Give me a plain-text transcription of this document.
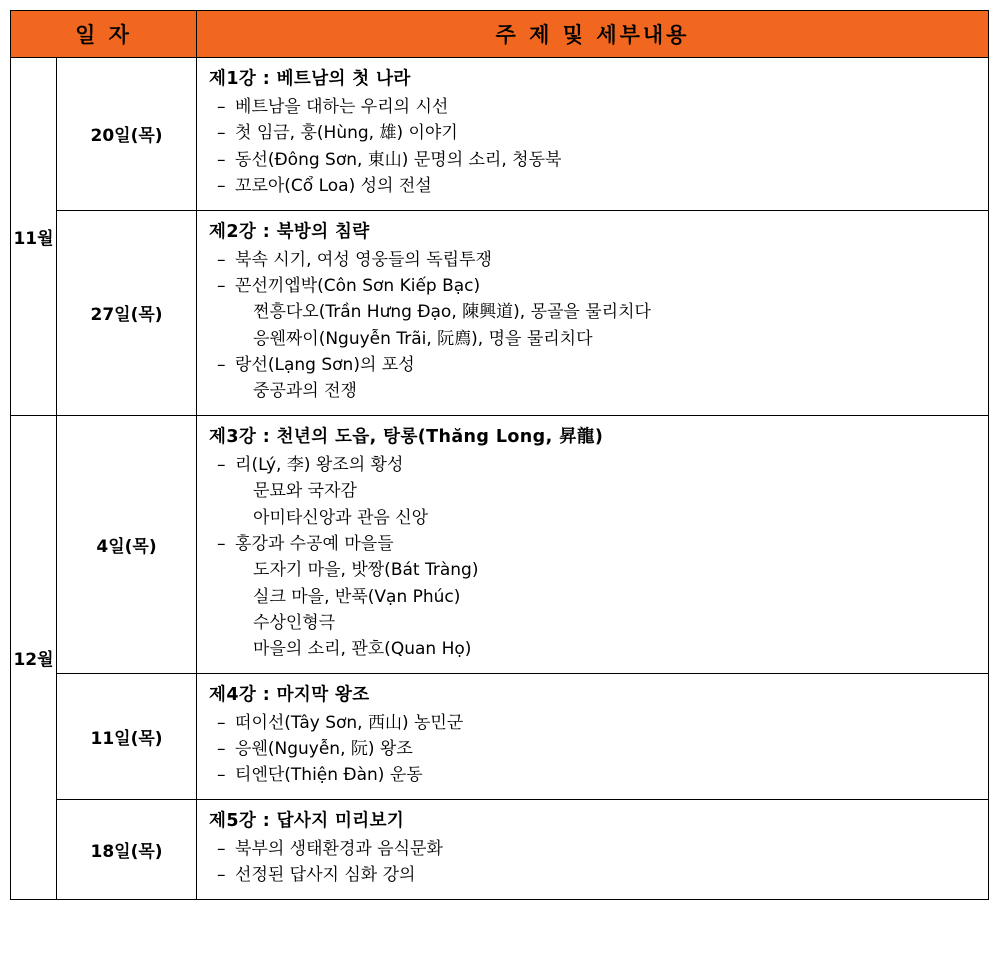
일 자		주 제 및 세부내용
11월	20일(목)	
제1강 : 베트남의 첫 나라
– 베트남을 대하는 우리의 시선
– 첫 임금, 훙(Hùng, 雄) 이야기
– 동선(Đông Sơn, 東山) 문명의 소리, 청동북
– 꼬로아(Cổ Loa) 성의 전설

27일(목)	
제2강 : 북방의 침략
– 북속 시기, 여성 영웅들의 독립투쟁
– 꼰선끼엡박(Côn Sơn Kiếp Bạc)
쩐흥다오(Trần Hưng Đạo, 陳興道), 몽골을 물리치다
응웬짜이(Nguyễn Trãi, 阮廌), 명을 물리치다
– 랑선(Lạng Sơn)의 포성
중공과의 전쟁

12월	4일(목)	
제3강 : 천년의 도읍, 탕롱(Thăng Long, 昇龍)
– 리(Lý, 李) 왕조의 황성
문묘와 국자감
아미타신앙과 관음 신앙
– 홍강과 수공예 마을들
도자기 마을, 밧짱(Bát Tràng)
실크 마을, 반푹(Vạn Phúc)
수상인형극
마을의 소리, 꽌호(Quan Họ)

11일(목)	
제4강 : 마지막 왕조
– 떠이선(Tây Sơn, 西山) 농민군
– 응웬(Nguyễn, 阮) 왕조
– 티엔단(Thiện Đàn) 운동

18일(목)	
제5강 : 답사지 미리보기
– 북부의 생태환경과 음식문화
– 선정된 답사지 심화 강의
